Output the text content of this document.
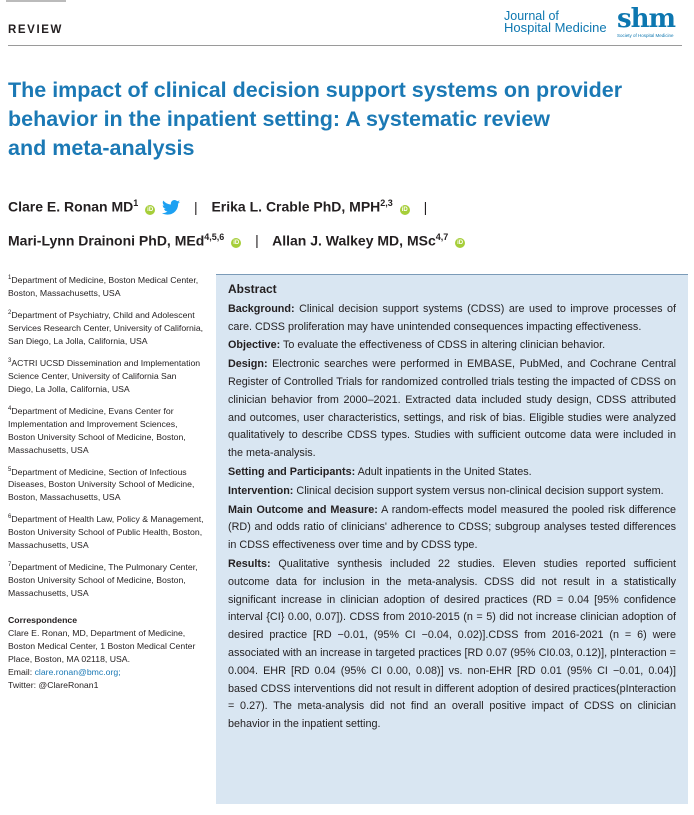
REVIEW
Journal of
Hospital Medicine shm
Society of Hospital Medicine
The impact of clinical decision support systems on provider
behavior in the inpatient setting: A systematic review
and meta-analysis
Clare E. Ronan $MD^1$ iD	| Erika L. Crable PhD, MPH$^{2,3}$ iD |
Mari-Lynn Drainoni PhD, MEd$^{4,5,6}$ iD | Allan J. Walkey MD, MSc$^{4,7}$ iD

$^1$Department of Medicine, Boston Medical Center, Boston, Massachusetts, USA

$^2$Department of Psychiatry, Child and Adolescent Services Research Center, University of California, San Diego, La Jolla, California, USA

$^3$ACTRI UCSD Dissemination and Implementation Science Center, University of California San Diego, La Jolla, California, USA

$^4$Department of Medicine, Evans Center for Implementation and Improvement Sciences, Boston University School of Medicine, Boston, Massachusetts, USA

$^5$Department of Medicine, Section of Infectious Diseases, Boston University School of Medicine, Boston, Massachusetts, USA

$^6$Department of Health Law, Policy & Management, Boston University School of Public Health, Boston, Massachusetts, USA

$^7$Department of Medicine, The Pulmonary Center, Boston University School of Medicine, Boston, Massachusetts, USA

Correspondence

Clare E. Ronan, MD, Department of Medicine, Boston Medical Center, 1 Boston Medical Center Place, Boston, MA 02118, USA.

Email: clare.ronan@bmc.org;

Twitter: @ClareRonan1

Abstract

Background: Clinical decision support systems (CDSS) are used to improve processes of care. CDSS proliferation may have unintended consequences impacting effectiveness.

Objective: To evaluate the effectiveness of CDSS in altering clinician behavior.

Design: Electronic searches were performed in EMBASE, PubMed, and Cochrane Central Register of Controlled Trials for randomized controlled trials testing the impacted of CDSS on clinician behavior from 2000–2021. Extracted data included study design, CDSS attributed and outcomes, user characteristics, settings, and risk of bias. Eligible studies were analyzed qualitatively to describe CDSS types. Studies with sufficient outcome data were included in the meta-analysis.

Setting and Participants: Adult inpatients in the United States.

Intervention: Clinical decision support system versus non-clinical decision support system.

Main Outcome and Measure: A random-effects model measured the pooled risk difference (RD) and odds ratio of clinicians' adherence to CDSS; subgroup analyses tested differences in CDSS effectiveness over time and by CDSS type.

Results: Qualitative synthesis included 22 studies. Eleven studies reported sufficient outcome data for inclusion in the meta-analysis. CDSS did not result in a statistically significant increase in clinician adoption of desired practices (RD = 0.04 [95% confidence interval {CI} 0.00, 0.07]). CDSS from 2010-2015 (n = 5) did not increase clinician adoption of desired practice [RD −0.01, (95% CI −0.04, 0.02)].CDSS from 2016-2021 (n = 6) were associated with an increase in targeted practices [RD 0.07 (95% CI0.03, 0.12)], pInteraction = 0.004. EHR [RD 0.04 (95% CI 0.00, 0.08)] vs. non-EHR [RD 0.01 (95% CI −0.01, 0.04)] based CDSS interventions did not result in different adoption of desired practices(pInteraction = 0.27). The meta-analysis did not find an overall positive impact of CDSS on clinician behavior in the inpatient setting.
